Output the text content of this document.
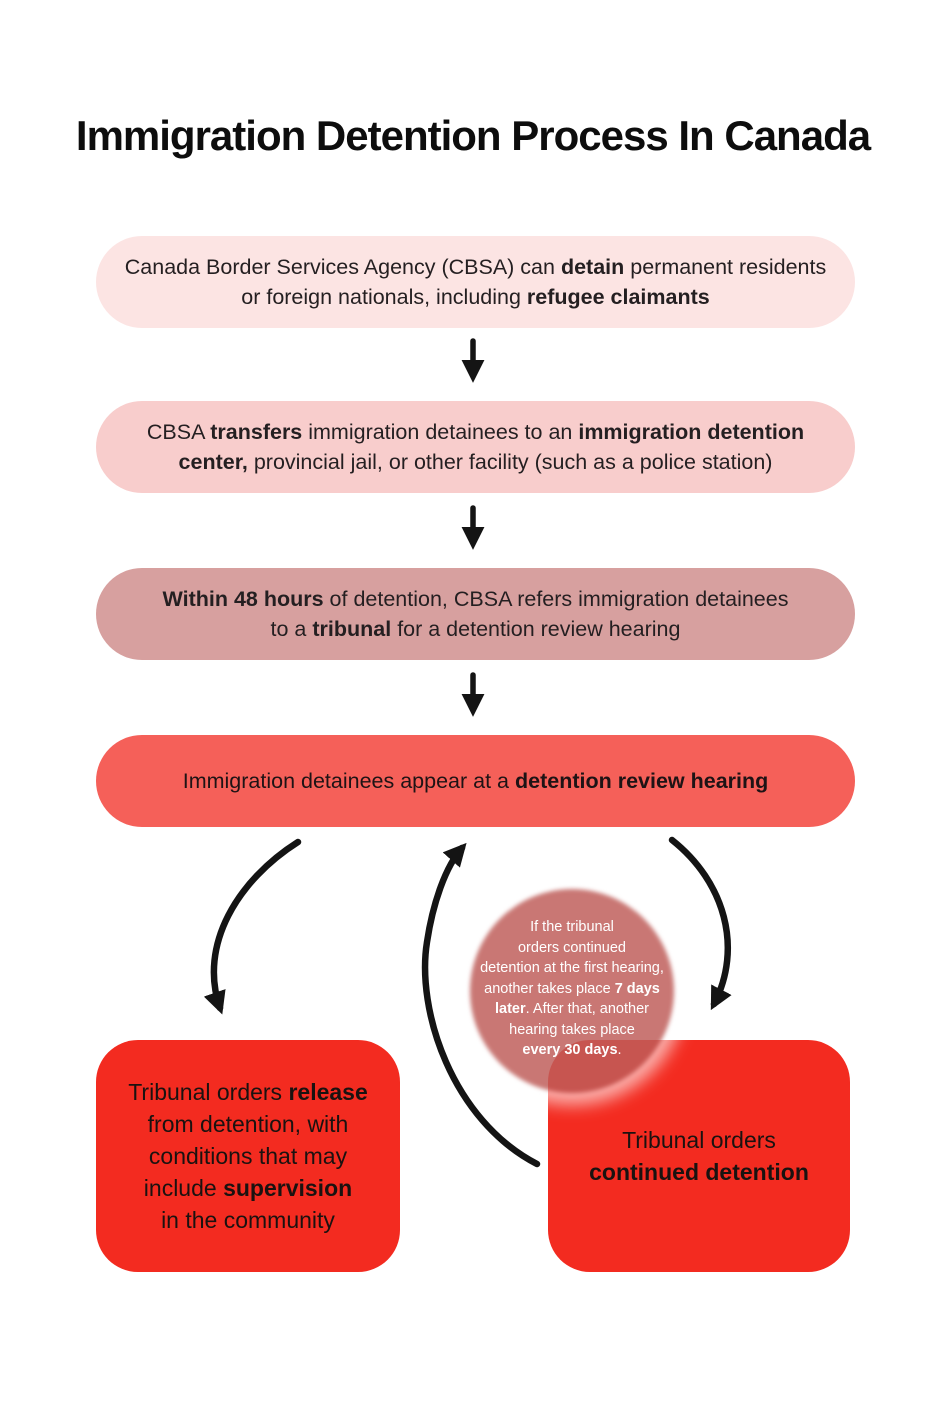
Immigration Detention Process In Canada
Canada Border Services Agency (CBSA) can detain permanent residents
or foreign nationals, including refugee claimants
CBSA transfers immigration detainees to an immigration detention
center, provincial jail, or other facility (such as a police station)
Within 48 hours of detention, CBSA refers immigration detainees
to a tribunal for a detention review hearing
Immigration detainees appear at a detention review hearing
Tribunal orders release
from detention, with
conditions that may
include supervision
in the community
Tribunal orders
continued detention
If the tribunal
orders continued
detention at the first hearing,
another takes place 7 days
later. After that, another
hearing takes place
every 30 days.
